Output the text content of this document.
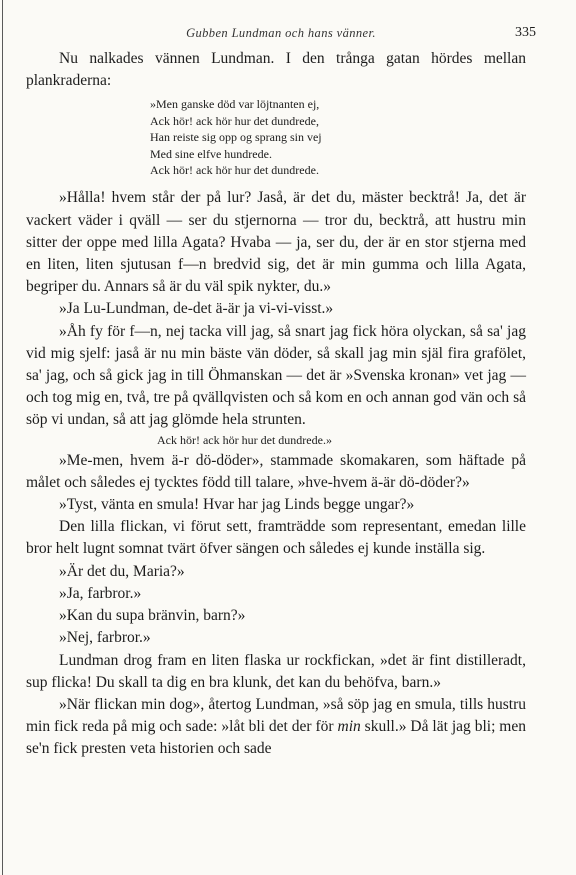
Gubben Lundman och hans vänner.	335

Nu nalkades vännen Lundman. I den trånga gatan hördes mellan plankraderna:

»Men ganske död var löjtnanten ej,
Ack hör! ack hör hur det dundrede,
Han reiste sig opp og sprang sin vej
Med sine elfve hundrede.
Ack hör! ack hör hur det dundrede.

»Hålla! hvem står der på lur? Jaså, är det du, mäster becktrå! Ja, det är vackert väder i qväll — ser du stjernorna — tror du, becktrå, att hustru min sitter der oppe med lilla Agata? Hvaba — ja, ser du, der är en stor stjerna med en liten, liten sjutusan f—n bredvid sig, det är min gumma och lilla Agata, begriper du. Annars så är du väl spik nykter, du.»

»Ja Lu-Lundman, de-det ä-är ja vi-vi-visst.»

»Åh fy för f—n, nej tacka vill jag, så snart jag fick höra olyckan, så sa' jag vid mig sjelf: jaså är nu min bäste vän döder, så skall jag min själ fira grafölet, sa' jag, och så gick jag in till Öhmanskan — det är »Svenska kronan» vet jag — och tog mig en, två, tre på qvällqvisten och så kom en och annan god vän och så söp vi undan, så att jag glömde hela strunten.

Ack hör! ack hör hur det dundrede.»

»Me-men, hvem ä-r dö-döder», stammade skomakaren, som häftade på målet och således ej tycktes född till talare, »hve-hvem ä-är dö-döder?»

»Tyst, vänta en smula! Hvar har jag Linds begge ungar?»

Den lilla flickan, vi förut sett, framträdde som representant, emedan lille bror helt lugnt somnat tvärt öfver sängen och således ej kunde inställa sig.

»Är det du, Maria?»

»Ja, farbror.»

»Kan du supa bränvin, barn?»

»Nej, farbror.»

Lundman drog fram en liten flaska ur rockfickan, »det är fint distilleradt, sup flicka! Du skall ta dig en bra klunk, det kan du behöfva, barn.»

»När flickan min dog», återtog Lundman, »så söp jag en smula, tills hustru min fick reda på mig och sade: »låt bli det der för min skull.» Då lät jag bli; men se'n fick presten veta historien och sade
